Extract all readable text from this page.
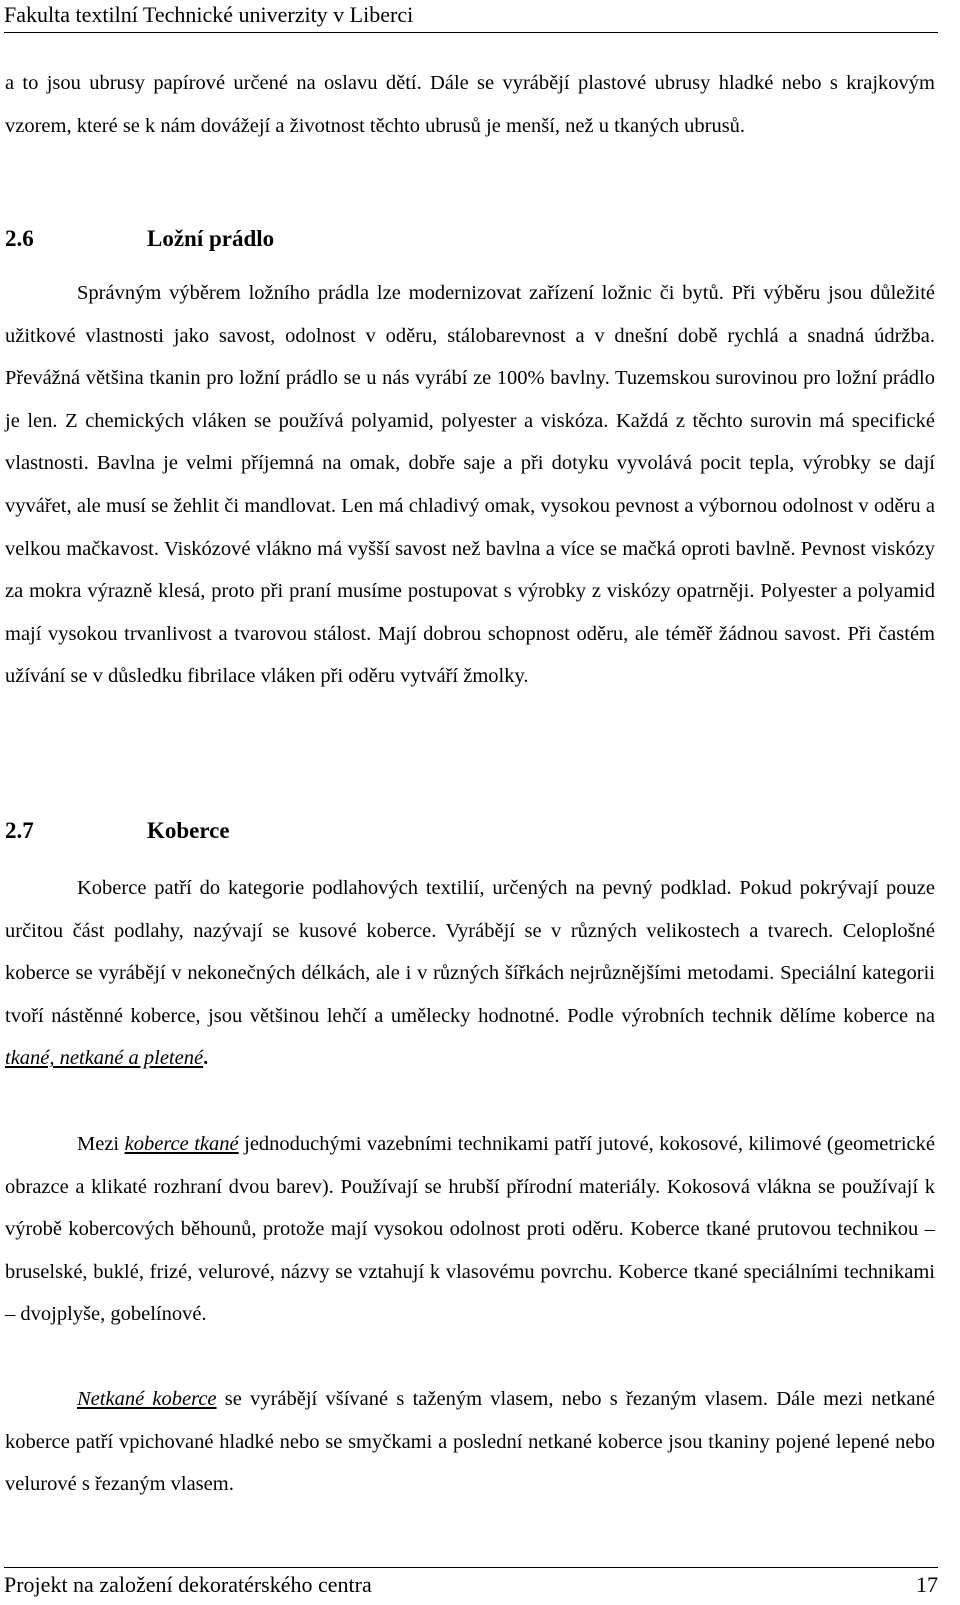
Fakulta textilní Technické univerzity v Liberci

a to jsou ubrusy papírové určené na oslavu dětí. Dále se vyrábějí plastové ubrusy hladké nebo s krajkovým vzorem, které se k nám dovážejí a životnost těchto ubrusů je menší, než u tkaných ubrusů.

2.6	Ložní prádlo

Správným výběrem ložního prádla lze modernizovat zařízení ložnic či bytů. Při výběru jsou důležité užitkové vlastnosti jako savost, odolnost v oděru, stálobarevnost a v dnešní době rychlá a snadná údržba. Převážná většina tkanin pro ložní prádlo se u nás vyrábí ze 100% bavlny. Tuzemskou surovinou pro ložní prádlo je len. Z chemických vláken se používá polyamid, polyester a viskóza. Každá z těchto surovin má specifické vlastnosti. Bavlna je velmi příjemná na omak, dobře saje a při dotyku vyvolává pocit tepla, výrobky se dají vyvářet, ale musí se žehlit či mandlovat. Len má chladivý omak, vysokou pevnost a výbornou odolnost v oděru a velkou mačkavost. Viskózové vlákno má vyšší savost než bavlna a více se mačká oproti bavlně. Pevnost viskózy za mokra výrazně klesá, proto při praní musíme postupovat s výrobky z viskózy opatrněji. Polyester a polyamid mají vysokou trvanlivost a tvarovou stálost. Mají dobrou schopnost oděru, ale téměř žádnou savost. Při častém užívání se v důsledku fibrilace vláken při oděru vytváří žmolky.

2.7	Koberce

Koberce patří do kategorie podlahových textilií, určených na pevný podklad. Pokud pokrývají pouze určitou část podlahy, nazývají se kusové koberce. Vyrábějí se v různých velikostech a tvarech. Celoplošné koberce se vyrábějí v nekonečných délkách, ale i v různých šířkách nejrůznějšími metodami. Speciální kategorii tvoří nástěnné koberce, jsou většinou lehčí a umělecky hodnotné. Podle výrobních technik dělíme koberce na tkané, netkané a pletené.

Mezi koberce tkané jednoduchými vazebními technikami patří jutové, kokosové, kilimové (geometrické obrazce a klikaté rozhraní dvou barev). Používají se hrubší přírodní materiály. Kokosová vlákna se používají k výrobě kobercových běhounů, protože mají vysokou odolnost proti oděru. Koberce tkané prutovou technikou – bruselské, buklé, frizé, velurové, názvy se vztahují k vlasovému povrchu. Koberce tkané speciálními technikami – dvojplyše, gobelínové.

Netkané koberce se vyrábějí všívané s taženým vlasem, nebo s řezaným vlasem. Dále mezi netkané koberce patří vpichované hladké nebo se smyčkami a poslední netkané koberce jsou tkaniny pojené lepené nebo velurové s řezaným vlasem.

Projekt na založení dekoratérského centra	17
